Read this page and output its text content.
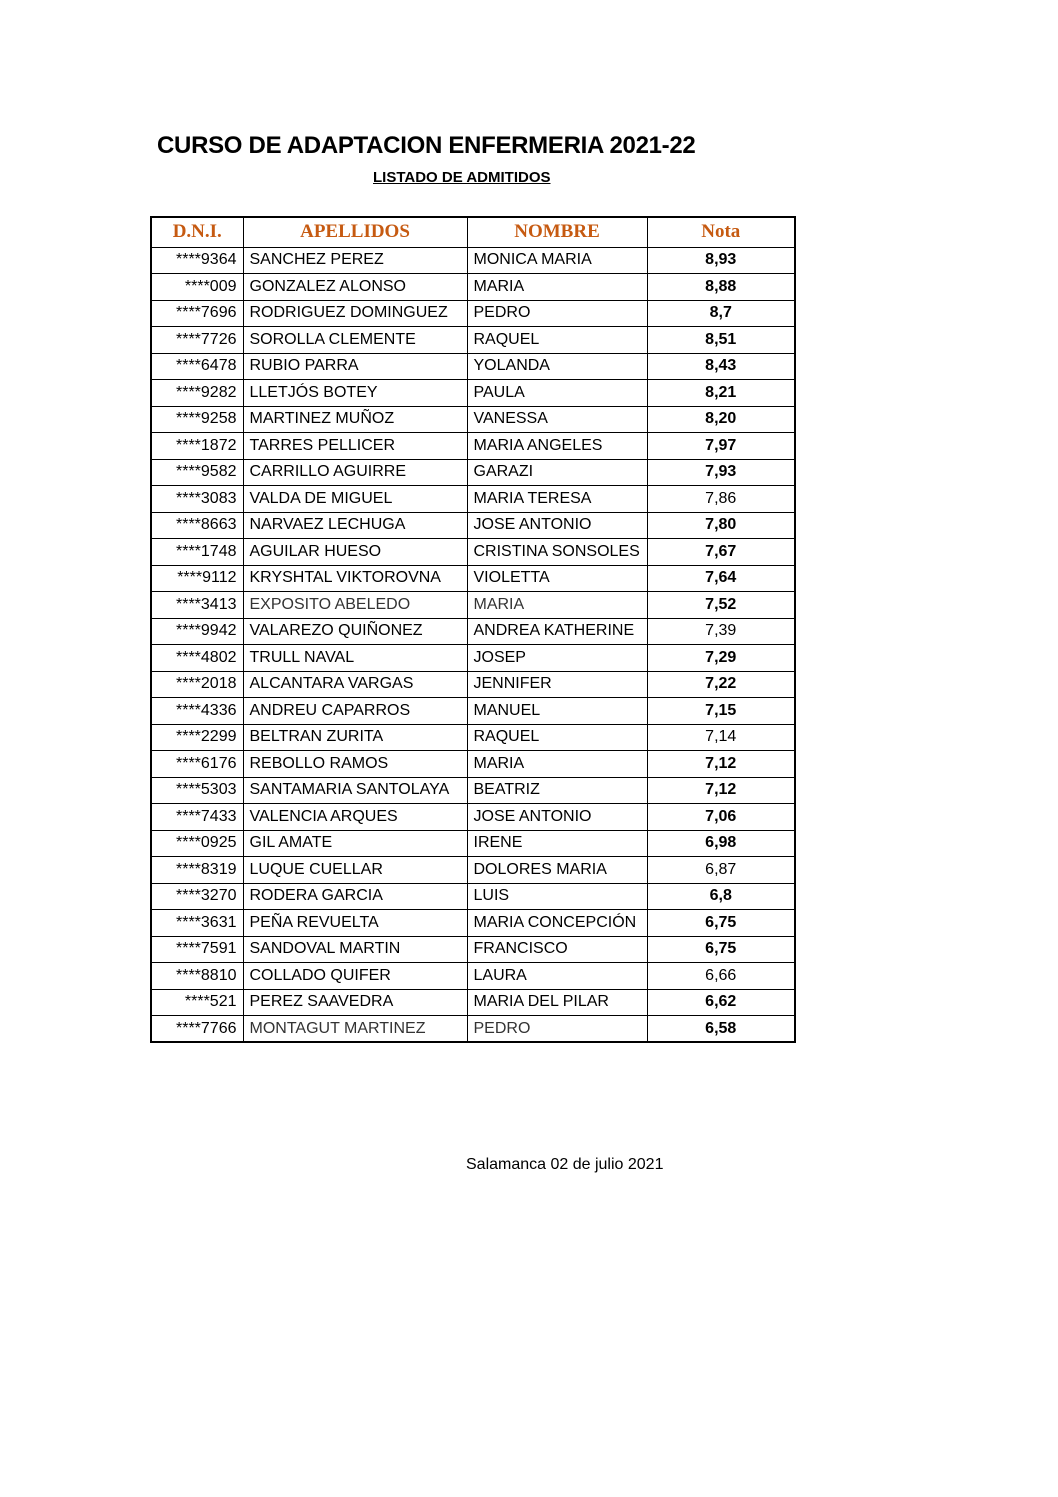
CURSO DE ADAPTACION ENFERMERIA 2021-22
LISTADO DE ADMITIDOS
D.N.I.	APELLIDOS	NOMBRE	Nota
****9364	SANCHEZ PEREZ	MONICA MARIA	8,93
****009	GONZALEZ ALONSO	MARIA	8,88
****7696	RODRIGUEZ DOMINGUEZ	PEDRO	8,7
****7726	SOROLLA CLEMENTE	RAQUEL	8,51
****6478	RUBIO PARRA	YOLANDA	8,43
****9282	LLETJÓS BOTEY	PAULA	8,21
****9258	MARTINEZ MUÑOZ	VANESSA	8,20
****1872	TARRES PELLICER	MARIA ANGELES	7,97
****9582	CARRILLO AGUIRRE	GARAZI	7,93
****3083	VALDA DE MIGUEL	MARIA TERESA	7,86
****8663	NARVAEZ LECHUGA	JOSE ANTONIO	7,80
****1748	AGUILAR HUESO	CRISTINA SONSOLES	7,67
****9112	KRYSHTAL VIKTOROVNA	VIOLETTA	7,64
****3413	EXPOSITO ABELEDO	MARIA	7,52
****9942	VALAREZO QUIÑONEZ	ANDREA KATHERINE	7,39
****4802	TRULL NAVAL	JOSEP	7,29
****2018	ALCANTARA VARGAS	JENNIFER	7,22
****4336	ANDREU CAPARROS	MANUEL	7,15
****2299	BELTRAN ZURITA	RAQUEL	7,14
****6176	REBOLLO RAMOS	MARIA	7,12
****5303	SANTAMARIA SANTOLAYA	BEATRIZ	7,12
****7433	VALENCIA ARQUES	JOSE ANTONIO	7,06
****0925	GIL AMATE	IRENE	6,98
****8319	LUQUE CUELLAR	DOLORES MARIA	6,87
****3270	RODERA GARCIA	LUIS	6,8
****3631	PEÑA REVUELTA	MARIA CONCEPCIÓN	6,75
****7591	SANDOVAL MARTIN	FRANCISCO	6,75
****8810	COLLADO QUIFER	LAURA	6,66
****521	PEREZ SAAVEDRA	MARIA DEL PILAR	6,62
****7766	MONTAGUT MARTINEZ	PEDRO	6,58
Salamanca 02 de julio 2021
